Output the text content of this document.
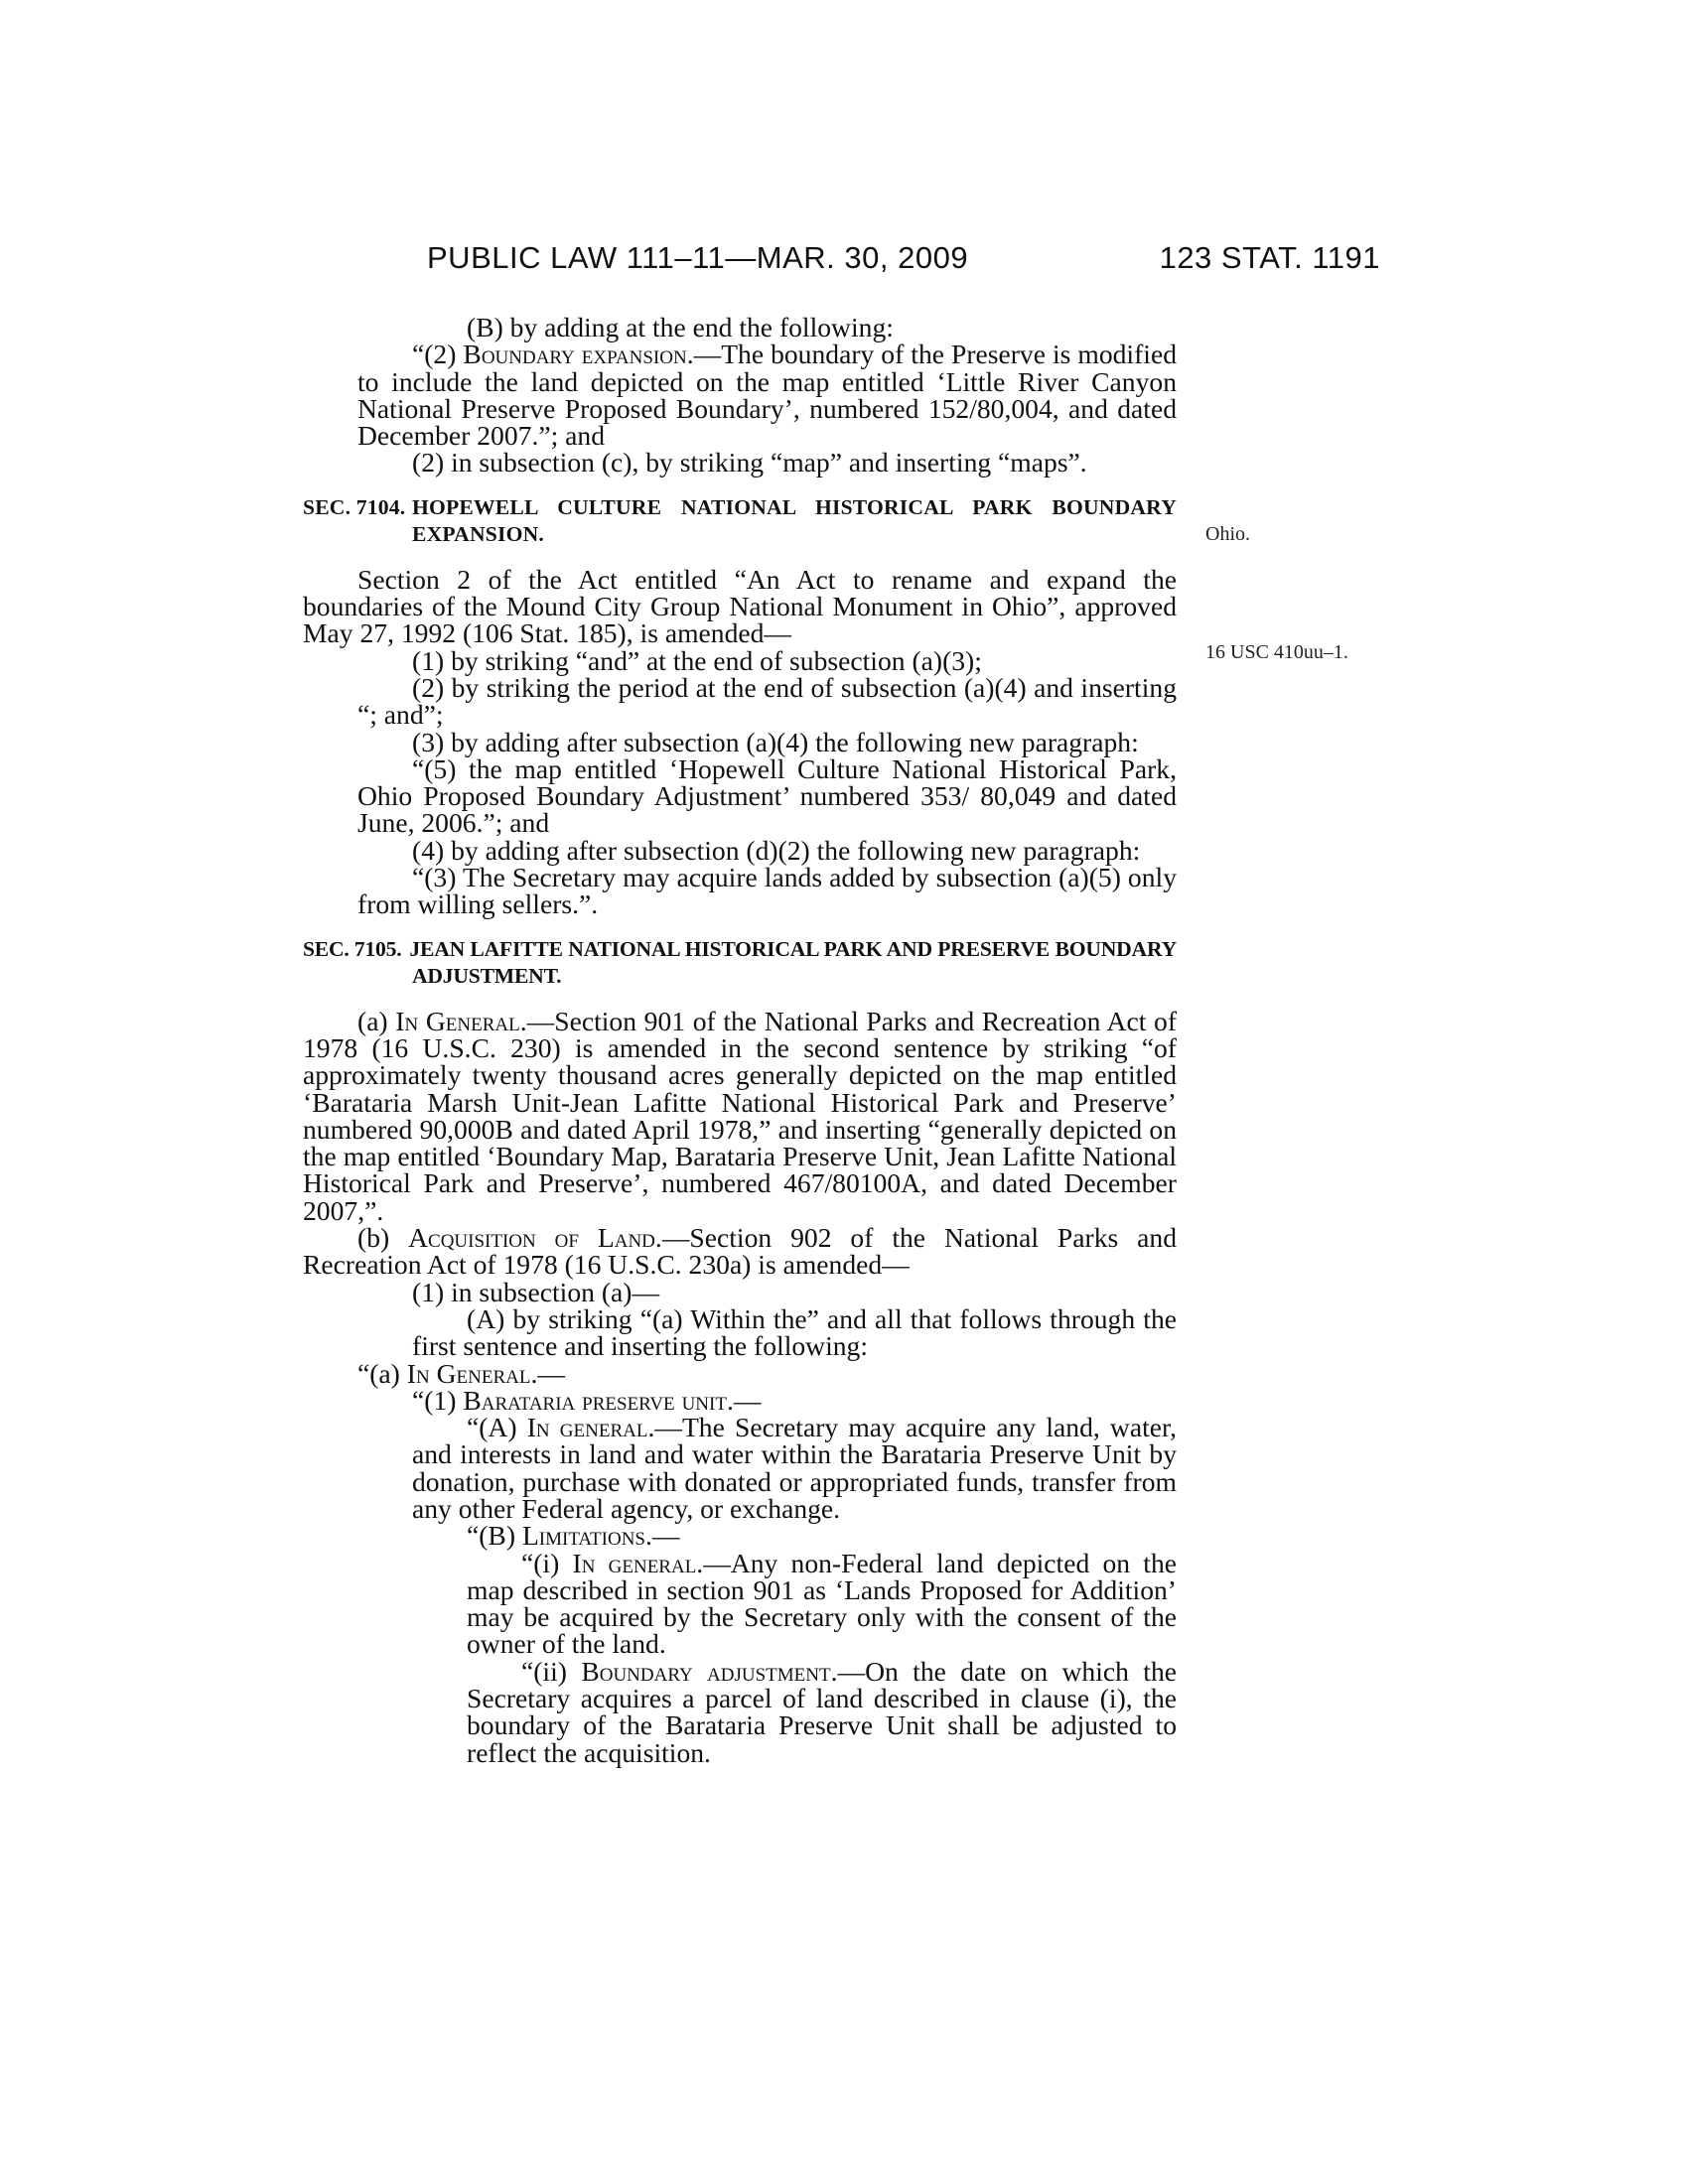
PUBLIC LAW 111–11—MAR. 30, 2009	123 STAT. 1191
Ohio.
16 USC 410uu–1.

(B) by adding at the end the following:

“(2) Boundary expansion.—The boundary of the Preserve is modified to include the land depicted on the map entitled ‘Little River Canyon National Preserve Proposed Boundary’, numbered 152/80,004, and dated December 2007.”; and

(2) in subsection (c), by striking “map” and inserting “maps”.

SEC. 7104. HOPEWELL CULTURE NATIONAL HISTORICAL PARK BOUNDARY EXPANSION.

Section 2 of the Act entitled “An Act to rename and expand the boundaries of the Mound City Group National Monument in Ohio”, approved May 27, 1992 (106 Stat. 185), is amended—

(1) by striking “and” at the end of subsection (a)(3);

(2) by striking the period at the end of subsection (a)(4) and inserting “; and”;

(3) by adding after subsection (a)(4) the following new paragraph:

“(5) the map entitled ‘Hopewell Culture National Historical Park, Ohio Proposed Boundary Adjustment’ numbered 353/ 80,049 and dated June, 2006.”; and

(4) by adding after subsection (d)(2) the following new paragraph:

“(3) The Secretary may acquire lands added by subsection (a)(5) only from willing sellers.”.

SEC. 7105. JEAN LAFITTE NATIONAL HISTORICAL PARK AND PRESERVE BOUNDARY ADJUSTMENT.

(a) In General.—Section 901 of the National Parks and Recreation Act of 1978 (16 U.S.C. 230) is amended in the second sentence by striking “of approximately twenty thousand acres generally depicted on the map entitled ‘Barataria Marsh Unit-Jean Lafitte National Historical Park and Preserve’ numbered 90,000B and dated April 1978,” and inserting “generally depicted on the map entitled ‘Boundary Map, Barataria Preserve Unit, Jean Lafitte National Historical Park and Preserve’, numbered 467/80100A, and dated December 2007,”.

(b) Acquisition of Land.—Section 902 of the National Parks and Recreation Act of 1978 (16 U.S.C. 230a) is amended—

(1) in subsection (a)—

(A) by striking “(a) Within the” and all that follows through the first sentence and inserting the following:

“(a) In General.—

“(1) Barataria preserve unit.—

“(A) In general.—The Secretary may acquire any land, water, and interests in land and water within the Barataria Preserve Unit by donation, purchase with donated or appropriated funds, transfer from any other Federal agency, or exchange.

“(B) Limitations.—

“(i) In general.—Any non-Federal land depicted on the map described in section 901 as ‘Lands Proposed for Addition’ may be acquired by the Secretary only with the consent of the owner of the land.

“(ii) Boundary adjustment.—On the date on which the Secretary acquires a parcel of land described in clause (i), the boundary of the Barataria Preserve Unit shall be adjusted to reflect the acquisition.
